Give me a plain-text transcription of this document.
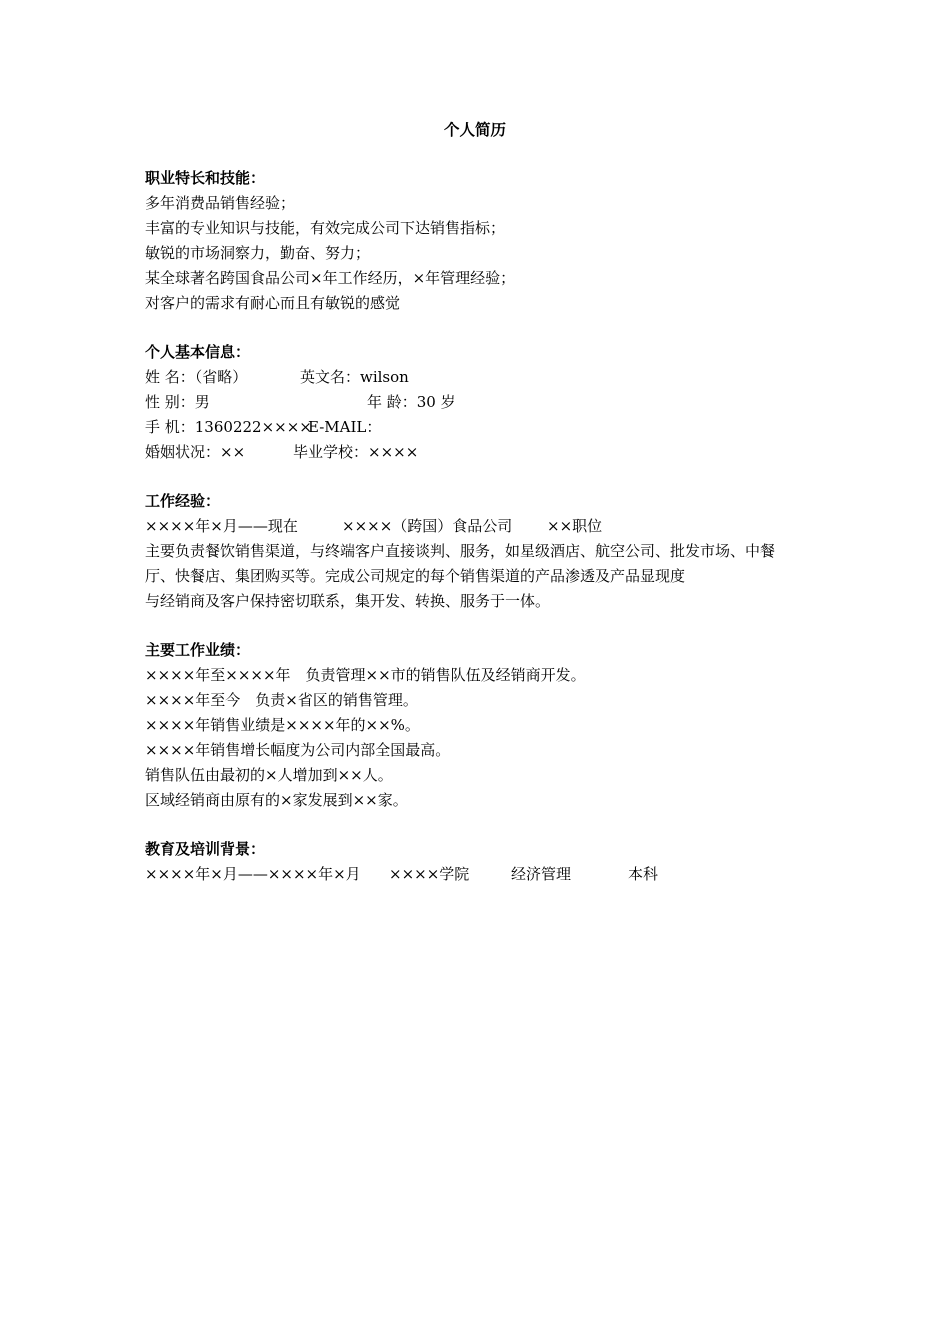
个人简历
职业特长和技能：
多年消费品销售经验；
丰富的专业知识与技能，有效完成公司下达销售指标；
敏锐的市场洞察力，勤奋、努力；
某全球著名跨国食品公司×年工作经历，×年管理经验；
对客户的需求有耐心而且有敏锐的感觉
个人基本信息：
姓 名：（省略）	英文名：wilson
性 别：男	年 龄：30 岁
手 机：1360222××××E-MAIL：
婚姻状况：××	毕业学校：××××
工作经验：
××××年×月——现在	××××（跨国）食品公司 ××职位
主要负责餐饮销售渠道，与终端客户直接谈判、服务，如星级酒店、航空公司、批发市场、中餐
厅、快餐店、集团购买等。完成公司规定的每个销售渠道的产品渗透及产品显现度
与经销商及客户保持密切联系，集开发、转换、服务于一体。
主要工作业绩：
××××年至××××年　负责管理××市的销售队伍及经销商开发。
××××年至今　负责×省区的销售管理。
××××年销售业绩是××××年的××%。
××××年销售增长幅度为公司内部全国最高。
销售队伍由最初的×人增加到××人。
区域经销商由原有的×家发展到××家。
教育及培训背景：
××××年×月——××××年×月 ××××学院	经济管理	本科
